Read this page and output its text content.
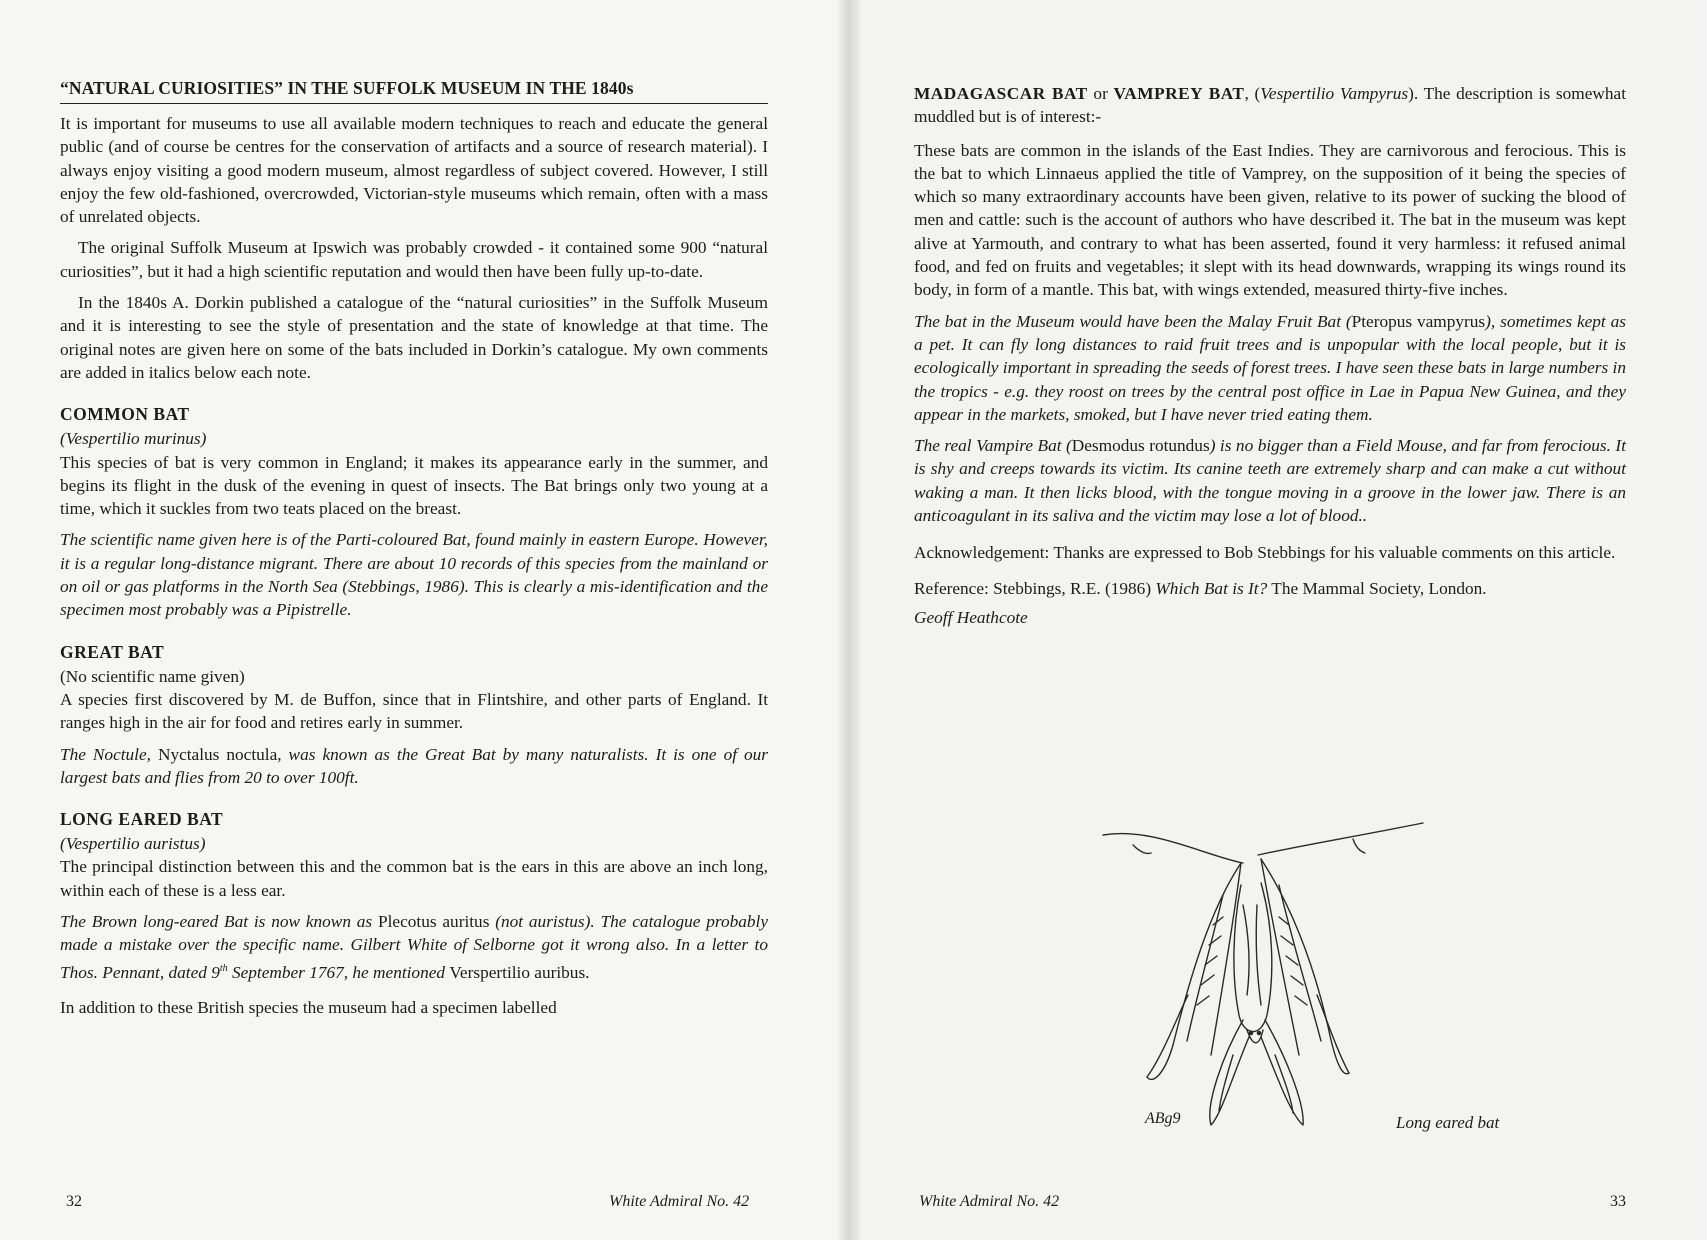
“NATURAL CURIOSITIES” IN THE SUFFOLK MUSEUM IN THE 1840s

It is important for museums to use all available modern techniques to reach and educate the general public (and of course be centres for the conservation of artifacts and a source of research material). I always enjoy visiting a good modern museum, almost regardless of subject covered. However, I still enjoy the few old-fashioned, overcrowded, Victorian-style museums which remain, often with a mass of unrelated objects.

The original Suffolk Museum at Ipswich was probably crowded - it contained some 900 “natural curiosities”, but it had a high scientific reputation and would then have been fully up-to-date.

In the 1840s A. Dorkin published a catalogue of the “natural curiosities” in the Suffolk Museum and it is interesting to see the style of presentation and the state of knowledge at that time. The original notes are given here on some of the bats included in Dorkin’s catalogue. My own comments are added in italics below each note.

COMMON BAT

(Vespertilio murinus)

This species of bat is very common in England; it makes its appearance early in the summer, and begins its flight in the dusk of the evening in quest of insects. The Bat brings only two young at a time, which it suckles from two teats placed on the breast.

The scientific name given here is of the Parti-coloured Bat, found mainly in eastern Europe. However, it is a regular long-distance migrant. There are about 10 records of this species from the mainland or on oil or gas platforms in the North Sea (Stebbings, 1986). This is clearly a mis-identification and the specimen most probably was a Pipistrelle.

GREAT BAT

(No scientific name given)

A species first discovered by M. de Buffon, since that in Flintshire, and other parts of England. It ranges high in the air for food and retires early in summer.

The Noctule, Nyctalus noctula, was known as the Great Bat by many naturalists. It is one of our largest bats and flies from 20 to over 100ft.

LONG EARED BAT

(Vespertilio auristus)

The principal distinction between this and the common bat is the ears in this are above an inch long, within each of these is a less ear.

The Brown long-eared Bat is now known as Plecotus auritus (not auristus). The catalogue probably made a mistake over the specific name. Gilbert White of Selborne got it wrong also. In a letter to Thos. Pennant, dated 9th September 1767, he mentioned Verspertilio auribus.

In addition to these British species the museum had a specimen labelled

32	White Admiral No. 42

MADAGASCAR BAT or VAMPREY BAT, (Vespertilio Vampyrus). The description is somewhat muddled but is of interest:-

These bats are common in the islands of the East Indies. They are carnivorous and ferocious. This is the bat to which Linnaeus applied the title of Vamprey, on the supposition of it being the species of which so many extraordinary accounts have been given, relative to its power of sucking the blood of men and cattle: such is the account of authors who have described it. The bat in the museum was kept alive at Yarmouth, and contrary to what has been asserted, found it very harmless: it refused animal food, and fed on fruits and vegetables; it slept with its head downwards, wrapping its wings round its body, in form of a mantle. This bat, with wings extended, measured thirty-five inches.

The bat in the Museum would have been the Malay Fruit Bat (Pteropus vampyrus), sometimes kept as a pet. It can fly long distances to raid fruit trees and is unpopular with the local people, but it is ecologically important in spreading the seeds of forest trees. I have seen these bats in large numbers in the tropics - e.g. they roost on trees by the central post office in Lae in Papua New Guinea, and they appear in the markets, smoked, but I have never tried eating them.

The real Vampire Bat (Desmodus rotundus) is no bigger than a Field Mouse, and far from ferocious. It is shy and creeps towards its victim. Its canine teeth are extremely sharp and can make a cut without waking a man. It then licks blood, with the tongue moving in a groove in the lower jaw. There is an anticoagulant in its saliva and the victim may lose a lot of blood..

Acknowledgement: Thanks are expressed to Bob Stebbings for his valuable comments on this article.

Reference: Stebbings, R.E. (1986) Which Bat is It? The Mammal Society, London.

Geoff Heathcote
ABg9	Long eared bat
White Admiral No. 42	33
